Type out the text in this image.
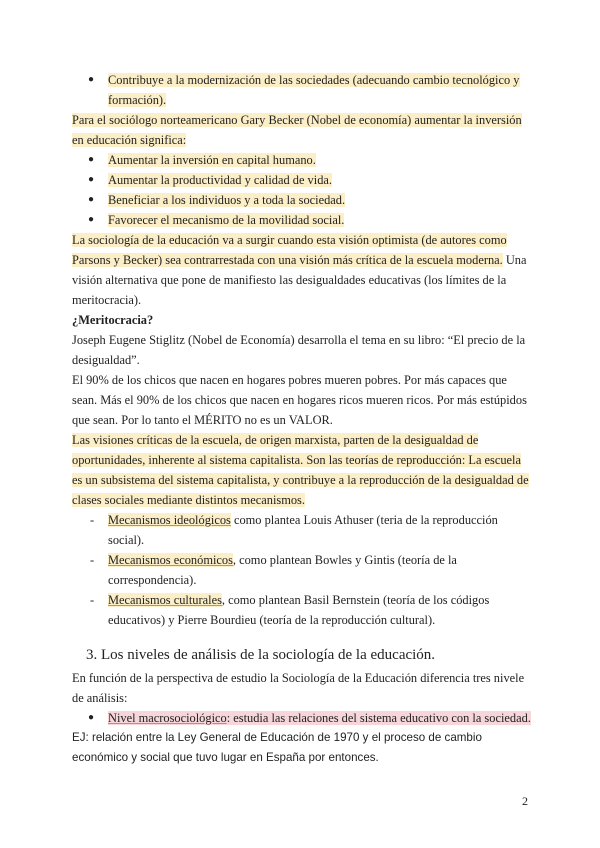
● Contribuye a la modernización de las sociedades (adecuando cambio tecnológico y formación).

Para el sociólogo norteamericano Gary Becker (Nobel de economía) aumentar la inversión en educación significa:

● Aumentar la inversión en capital humano.
● Aumentar la productividad y calidad de vida.
● Beneficiar a los individuos y a toda la sociedad.
● Favorecer el mecanismo de la movilidad social.

La sociología de la educación va a surgir cuando esta visión optimista (de autores como Parsons y Becker) sea contrarrestada con una visión más crítica de la escuela moderna. Una visión alternativa que pone de manifiesto las desigualdades educativas (los límites de la meritocracia).

¿Meritocracia?

Joseph Eugene Stiglitz (Nobel de Economía) desarrolla el tema en su libro: “El precio de la desigualdad”.

El 90% de los chicos que nacen en hogares pobres mueren pobres. Por más capaces que sean. Más el 90% de los chicos que nacen en hogares ricos mueren ricos. Por más estúpidos que sean. Por lo tanto el MÉRITO no es un VALOR.

Las visiones críticas de la escuela, de origen marxista, parten de la desigualdad de oportunidades, inherente al sistema capitalista. Son las teorías de reproducción: La escuela es un subsistema del sistema capitalista, y contribuye a la reproducción de la desigualdad de clases sociales mediante distintos mecanismos.

- Mecanismos ideológicos como plantea Louis Athuser (teria de la reproducción social).
- Mecanismos económicos, como plantean Bowles y Gintis (teoría de la correspondencia).
- Mecanismos culturales, como plantean Basil Bernstein (teoría de los códigos educativos) y Pierre Bourdieu (teoría de la reproducción cultural).

3. Los niveles de análisis de la sociología de la educación.

En función de la perspectiva de estudio la Sociología de la Educación diferencia tres nivele de análisis:

● Nivel macrosociológico: estudia las relaciones del sistema educativo con la sociedad.

EJ: relación entre la Ley General de Educación de 1970 y el proceso de cambio económico y social que tuvo lugar en España por entonces.

2
